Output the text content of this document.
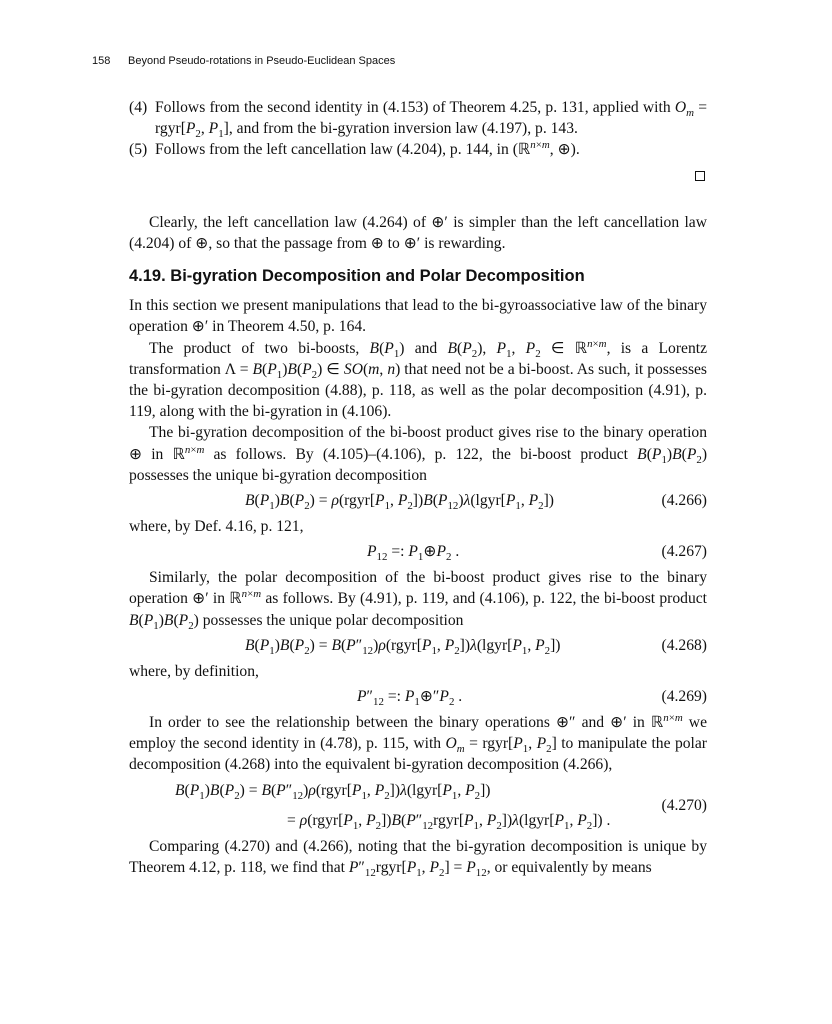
158 Beyond Pseudo-rotations in Pseudo-Euclidean Spaces

(4) Follows from the second identity in (4.153) of Theorem 4.25, p. 131, applied with $O_m$ = $rgyr[P_2$, $P_1$], and from the bi-gyration inversion law (4.197), p. 143.

(5) Follows from the left cancellation law (4.204), p. 144, in (ℝ$^{n\times m}$, ⊕).

Clearly, the left cancellation law (4.264) of ⊕′ is simpler than the left cancellation law (4.204) of ⊕, so that the passage from ⊕ to ⊕′ is rewarding.

4.19. Bi-gyration Decomposition and Polar Decomposition

In this section we present manipulations that lead to the bi-gyroassociative law of the binary operation ⊕′ in Theorem 4.50, p. 164.

The product of two bi-boosts, $B(P_1)$ and $B(P_2)$, $P_1$, $P_2$ ∈ ℝ$^{n\times m}$, is a Lorentz transformation $\Lambda = B(P_1)B(P_2)$ ∈ SO(m, n) that need not be a bi-boost. As such, it possesses the bi-gyration decomposition (4.88), p. 118, as well as the polar decomposition (4.91), p. 119, along with the bi-gyration in (4.106).

The bi-gyration decomposition of the bi-boost product gives rise to the binary operation ⊕ in ℝ$^{n\times m}$ as follows. By (4.105)–(4.106), p. 122, the bi-boost product $B(P_1)B(P_2)$ possesses the unique bi-gyration decomposition

$B(P_1)B(P_2)$ = $\rho(rgyr[P_1$, $P_2])B(P_{12})\lambda(lgyr[P_1$, $P_2$])	(4.266)

where, by Def. 4.16, p. 121,

$P_{12}$ =: $P_1\oplus P_2$ .	(4.267)

Similarly, the polar decomposition of the bi-boost product gives rise to the binary operation ⊕′ in ℝ$^{n\times m}$ as follows. By (4.91), p. 119, and (4.106), p. 122, the bi-boost product $B(P_1)B(P_2)$ possesses the unique polar decomposition

$B(P_1)B(P_2)$ = $B(P''_{12})\rho(rgyr[P_1$, $P_2])\lambda(lgyr[P_1$, $P_2$])	(4.268)

where, by definition,

$P''_{12}$ =: $P_1\oplus''P_2$ .	(4.269)

In order to see the relationship between the binary operations ⊕″ and ⊕′ in ℝ$^{n\times m}$ we employ the second identity in (4.78), p. 115, with $O_m$ = $rgyr[P_1$, $P_2$] to manipulate the polar decomposition (4.268) into the equivalent bi-gyration decomposition (4.266),

$B(P_1)B(P_2)$ = $B(P''_{12})\rho(rgyr[P_1$, $P_2])\lambda(lgyr[P_1$, $P_2$])
= $\rho(rgyr[P_1$, $P_2])B(P''_{12}rgyr[P_1$, $P_2])\lambda(lgyr[P_1$, $P_2$]) .
(4.270)

Comparing (4.270) and (4.266), noting that the bi-gyration decomposition is unique by Theorem 4.12, p. 118, we find that $P''_{12}rgyr[P_1$, $P_2] = P_{12}$, or equivalently by means
